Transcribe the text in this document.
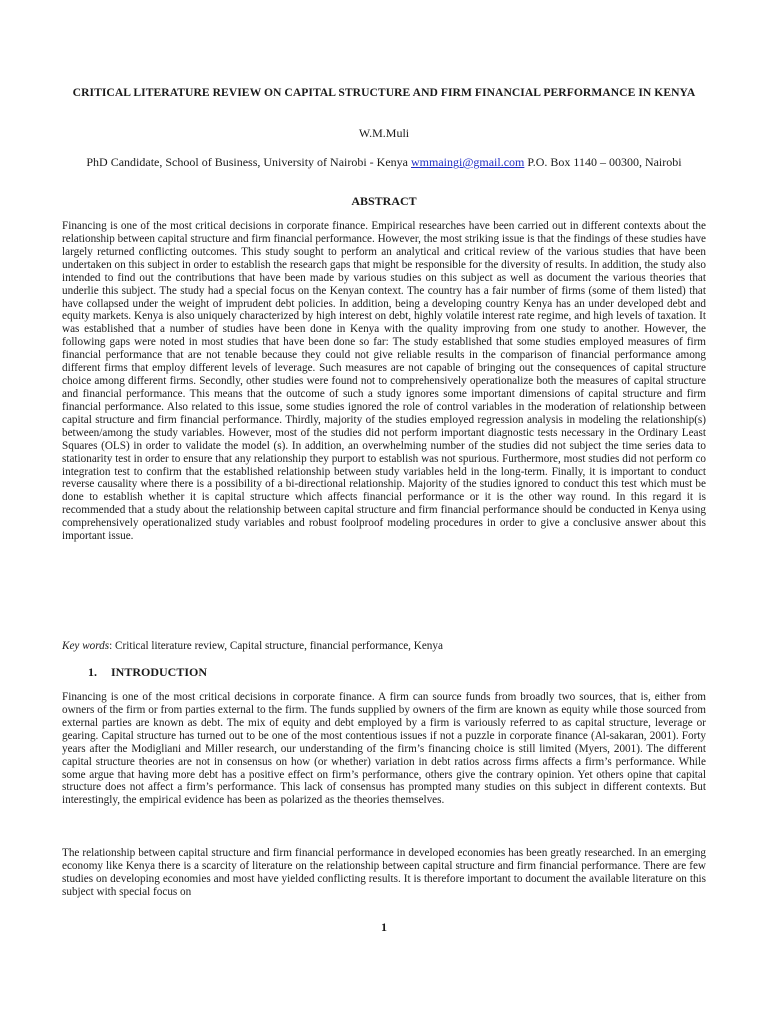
CRITICAL LITERATURE REVIEW ON CAPITAL STRUCTURE AND FIRM FINANCIAL PERFORMANCE IN KENYA
W.M.Muli
PhD Candidate, School of Business, University of Nairobi - Kenya wmmaingi@gmail.com P.O. Box 1140 – 00300, Nairobi
ABSTRACT

Financing is one of the most critical decisions in corporate finance. Empirical researches have been carried out in different contexts about the relationship between capital structure and firm financial performance. However, the most striking issue is that the findings of these studies have largely returned conflicting outcomes. This study sought to perform an analytical and critical review of the various studies that have been undertaken on this subject in order to establish the research gaps that might be responsible for the diversity of results. In addition, the study also intended to find out the contributions that have been made by various studies on this subject as well as document the various theories that underlie this subject. The study had a special focus on the Kenyan context. The country has a fair number of firms (some of them listed) that have collapsed under the weight of imprudent debt policies. In addition, being a developing country Kenya has an under developed debt and equity markets. Kenya is also uniquely characterized by high interest on debt, highly volatile interest rate regime, and high levels of taxation. It was established that a number of studies have been done in Kenya with the quality improving from one study to another. However, the following gaps were noted in most studies that have been done so far: The study established that some studies employed measures of firm financial performance that are not tenable because they could not give reliable results in the comparison of financial performance among different firms that employ different levels of leverage. Such measures are not capable of bringing out the consequences of capital structure choice among different firms. Secondly, other studies were found not to comprehensively operationalize both the measures of capital structure and financial performance. This means that the outcome of such a study ignores some important dimensions of capital structure and firm financial performance. Also related to this issue, some studies ignored the role of control variables in the moderation of relationship between capital structure and firm financial performance. Thirdly, majority of the studies employed regression analysis in modeling the relationship(s) between/among the study variables. However, most of the studies did not perform important diagnostic tests necessary in the Ordinary Least Squares (OLS) in order to validate the model (s). In addition, an overwhelming number of the studies did not subject the time series data to stationarity test in order to ensure that any relationship they purport to establish was not spurious. Furthermore, most studies did not perform co integration test to confirm that the established relationship between study variables held in the long-term. Finally, it is important to conduct reverse causality where there is a possibility of a bi-directional relationship. Majority of the studies ignored to conduct this test which must be done to establish whether it is capital structure which affects financial performance or it is the other way round. In this regard it is recommended that a study about the relationship between capital structure and firm financial performance should be conducted in Kenya using comprehensively operationalized study variables and robust foolproof modeling procedures in order to give a conclusive answer about this important issue.

Key words: Critical literature review, Capital structure, financial performance, Kenya

1. INTRODUCTION

Financing is one of the most critical decisions in corporate finance. A firm can source funds from broadly two sources, that is, either from owners of the firm or from parties external to the firm. The funds supplied by owners of the firm are known as equity while those sourced from external parties are known as debt. The mix of equity and debt employed by a firm is variously referred to as capital structure, leverage or gearing. Capital structure has turned out to be one of the most contentious issues if not a puzzle in corporate finance (Al-sakaran, 2001). Forty years after the Modigliani and Miller research, our understanding of the firm’s financing choice is still limited (Myers, 2001). The different capital structure theories are not in consensus on how (or whether) variation in debt ratios across firms affects a firm’s performance. While some argue that having more debt has a positive effect on firm’s performance, others give the contrary opinion. Yet others opine that capital structure does not affect a firm’s performance. This lack of consensus has prompted many studies on this subject in different contexts. But interestingly, the empirical evidence has been as polarized as the theories themselves.

The relationship between capital structure and firm financial performance in developed economies has been greatly researched. In an emerging economy like Kenya there is a scarcity of literature on the relationship between capital structure and firm financial performance. There are few studies on developing economies and most have yielded conflicting results. It is therefore important to document the available literature on this subject with special focus on

1
